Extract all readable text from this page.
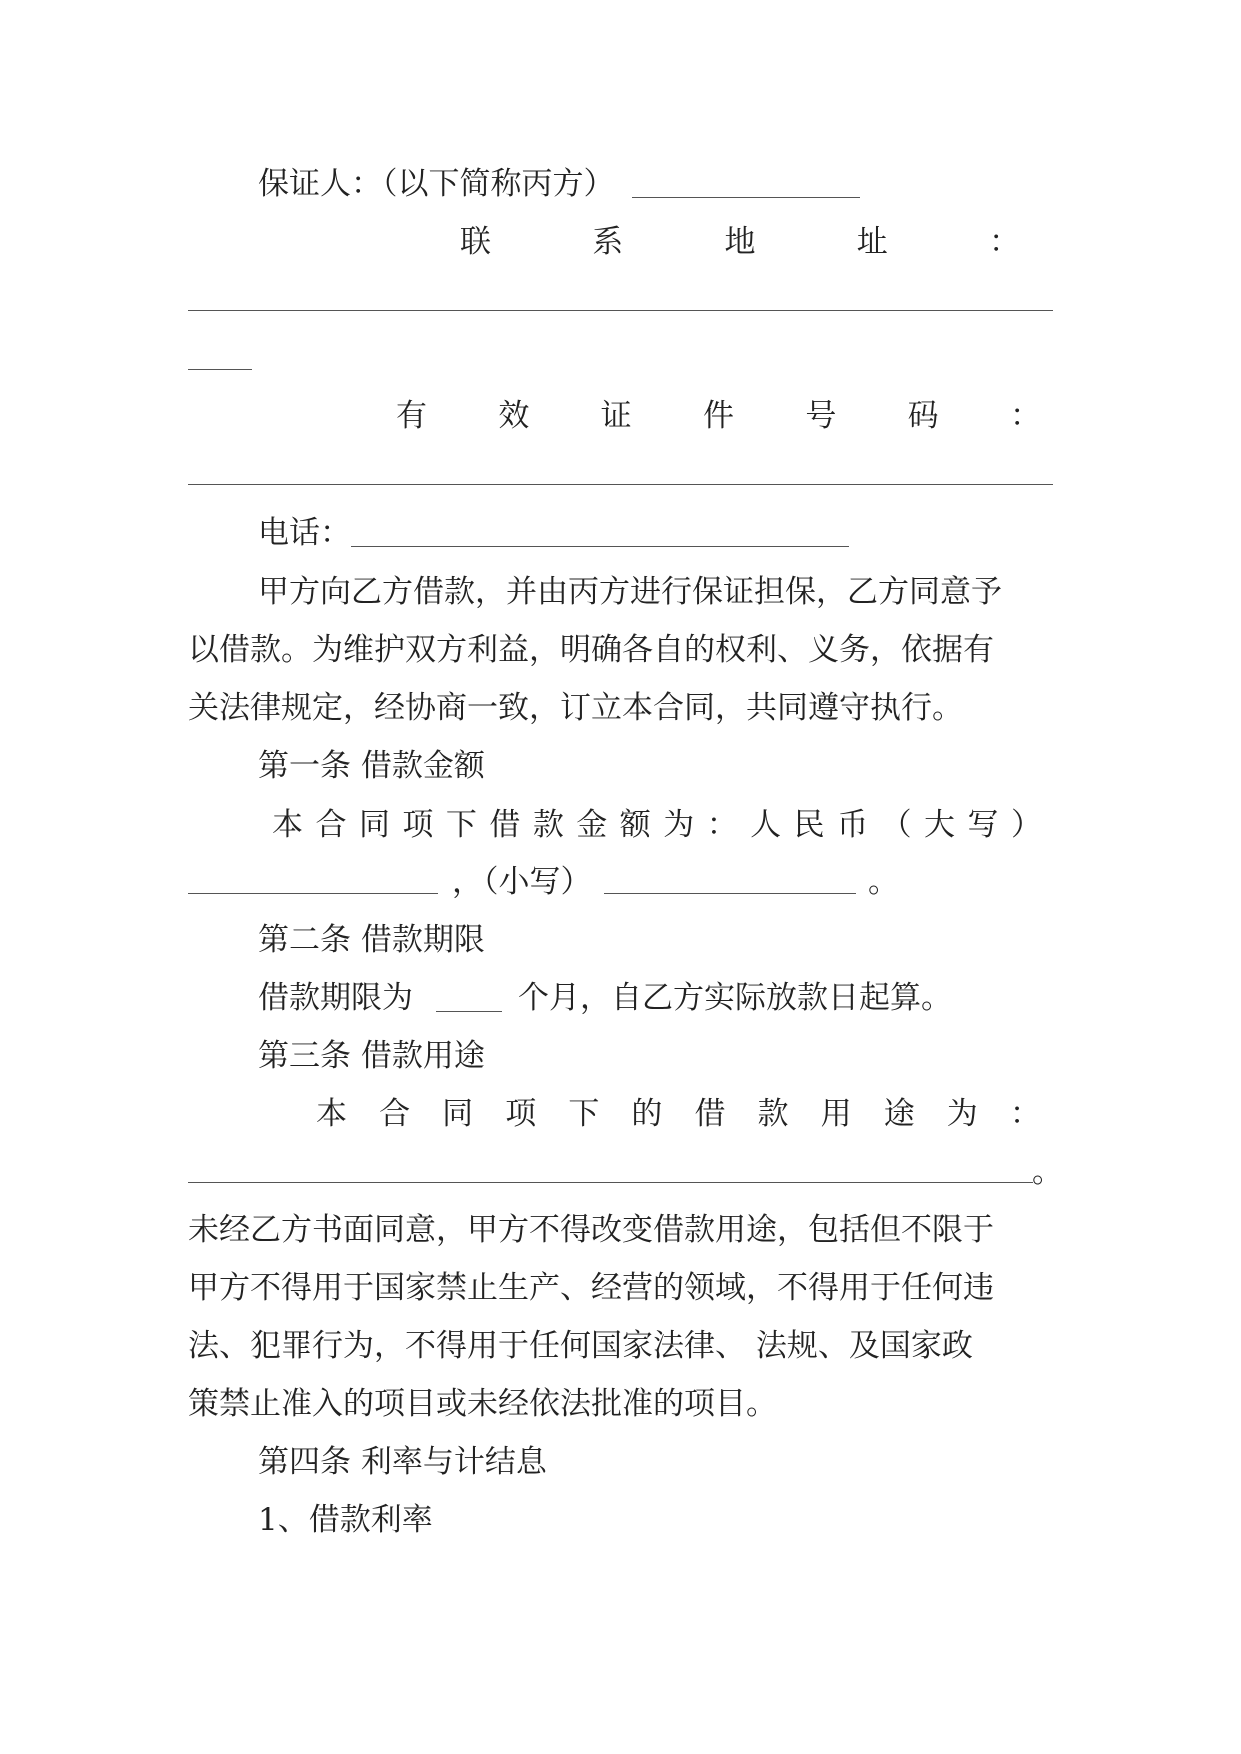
保证人：（以下简称丙方）
联	系	地	址	：
有 效 证 件 号 码 ：
电话：
甲方向乙方借款，并由丙方进行保证担保，乙方同意予
以借款。为维护双方利益，明确各自的权利、义务，依据有
关法律规定，经协商一致，订立本合同，共同遵守执行。
第一条 借款金额
本 合 同 项 下 借 款 金 额 为 ： 人 民 币 （ 大 写 ）
，（小写）	。
第二条 借款期限
借款期限为	个月，自乙方实际放款日起算。
第三条 借款用途
本 合 同 项 下 的 借 款 用 途 为 ：
。
未经乙方书面同意，甲方不得改变借款用途，包括但不限于
甲方不得用于国家禁止生产、经营的领域，不得用于任何违
法、犯罪行为，不得用于任何国家法律、 法规、及国家政
策禁止准入的项目或未经依法批准的项目。
第四条 利率与计结息
1、借款利率
